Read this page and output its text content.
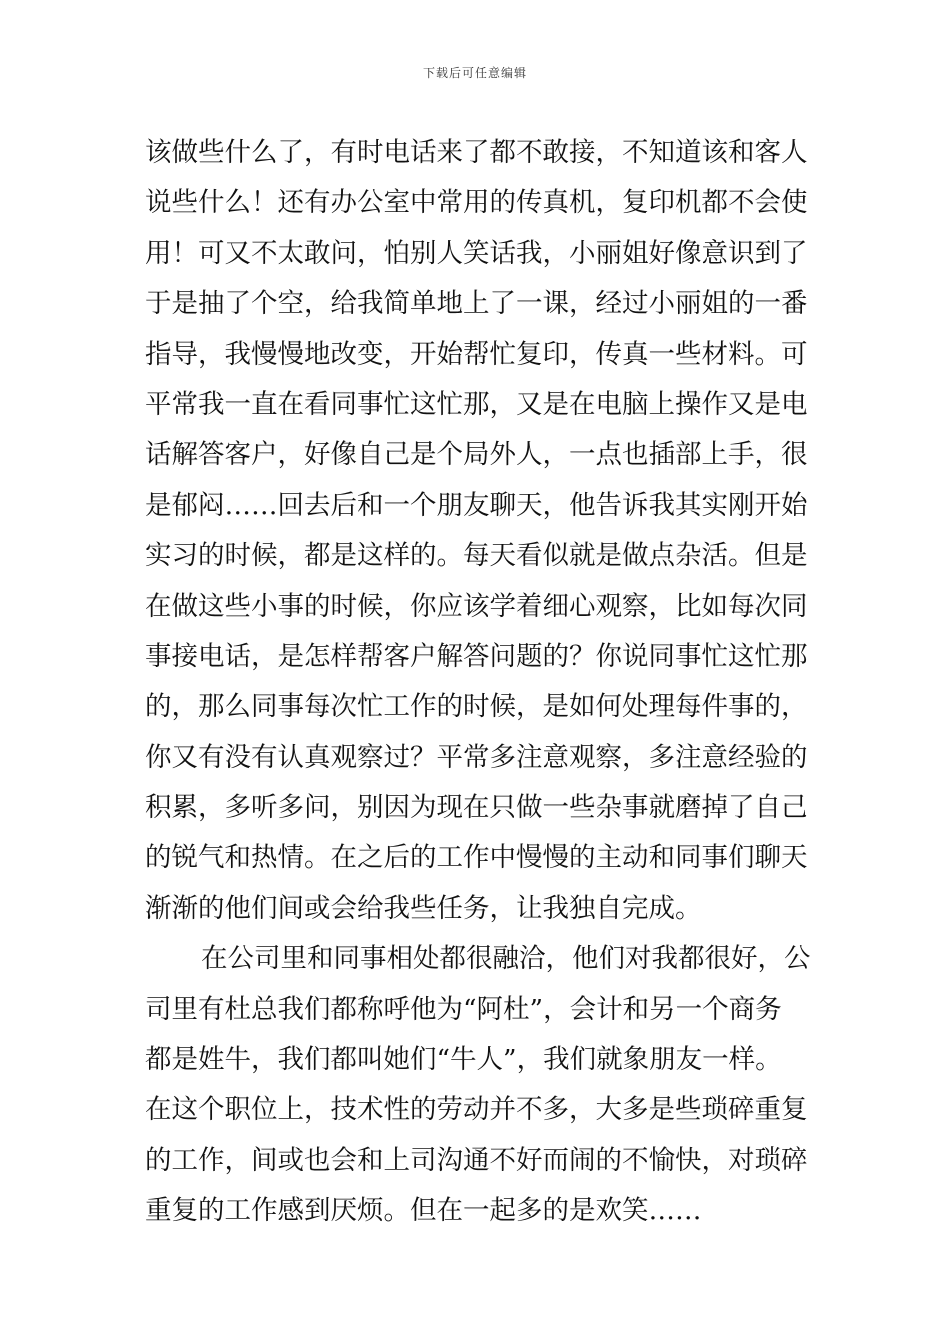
下载后可任意编辑
该做些什么了，有时电话来了都不敢接，不知道该和客人
说些什么！还有办公室中常用的传真机，复印机都不会使
用！可又不太敢问，怕别人笑话我，小丽姐好像意识到了
于是抽了个空，给我简单地上了一课，经过小丽姐的一番
指导，我慢慢地改变，开始帮忙复印，传真一些材料。可
平常我一直在看同事忙这忙那，又是在电脑上操作又是电
话解答客户，好像自己是个局外人，一点也插部上手，很
是郁闷……回去后和一个朋友聊天，他告诉我其实刚开始
实习的时候，都是这样的。每天看似就是做点杂活。但是
在做这些小事的时候，你应该学着细心观察，比如每次同
事接电话，是怎样帮客户解答问题的？你说同事忙这忙那
的，那么同事每次忙工作的时候，是如何处理每件事的，
你又有没有认真观察过？平常多注意观察，多注意经验的
积累，多听多问，别因为现在只做一些杂事就磨掉了自己
的锐气和热情。在之后的工作中慢慢的主动和同事们聊天
渐渐的他们间或会给我些任务，让我独自完成。
在公司里和同事相处都很融洽，他们对我都很好，公
司里有杜总我们都称呼他为“阿杜”，会计和另一个商务
都是姓牛，我们都叫她们“牛人”，我们就象朋友一样。
在这个职位上，技术性的劳动并不多，大多是些琐碎重复
的工作，间或也会和上司沟通不好而闹的不愉快，对琐碎
重复的工作感到厌烦。但在一起多的是欢笑……
